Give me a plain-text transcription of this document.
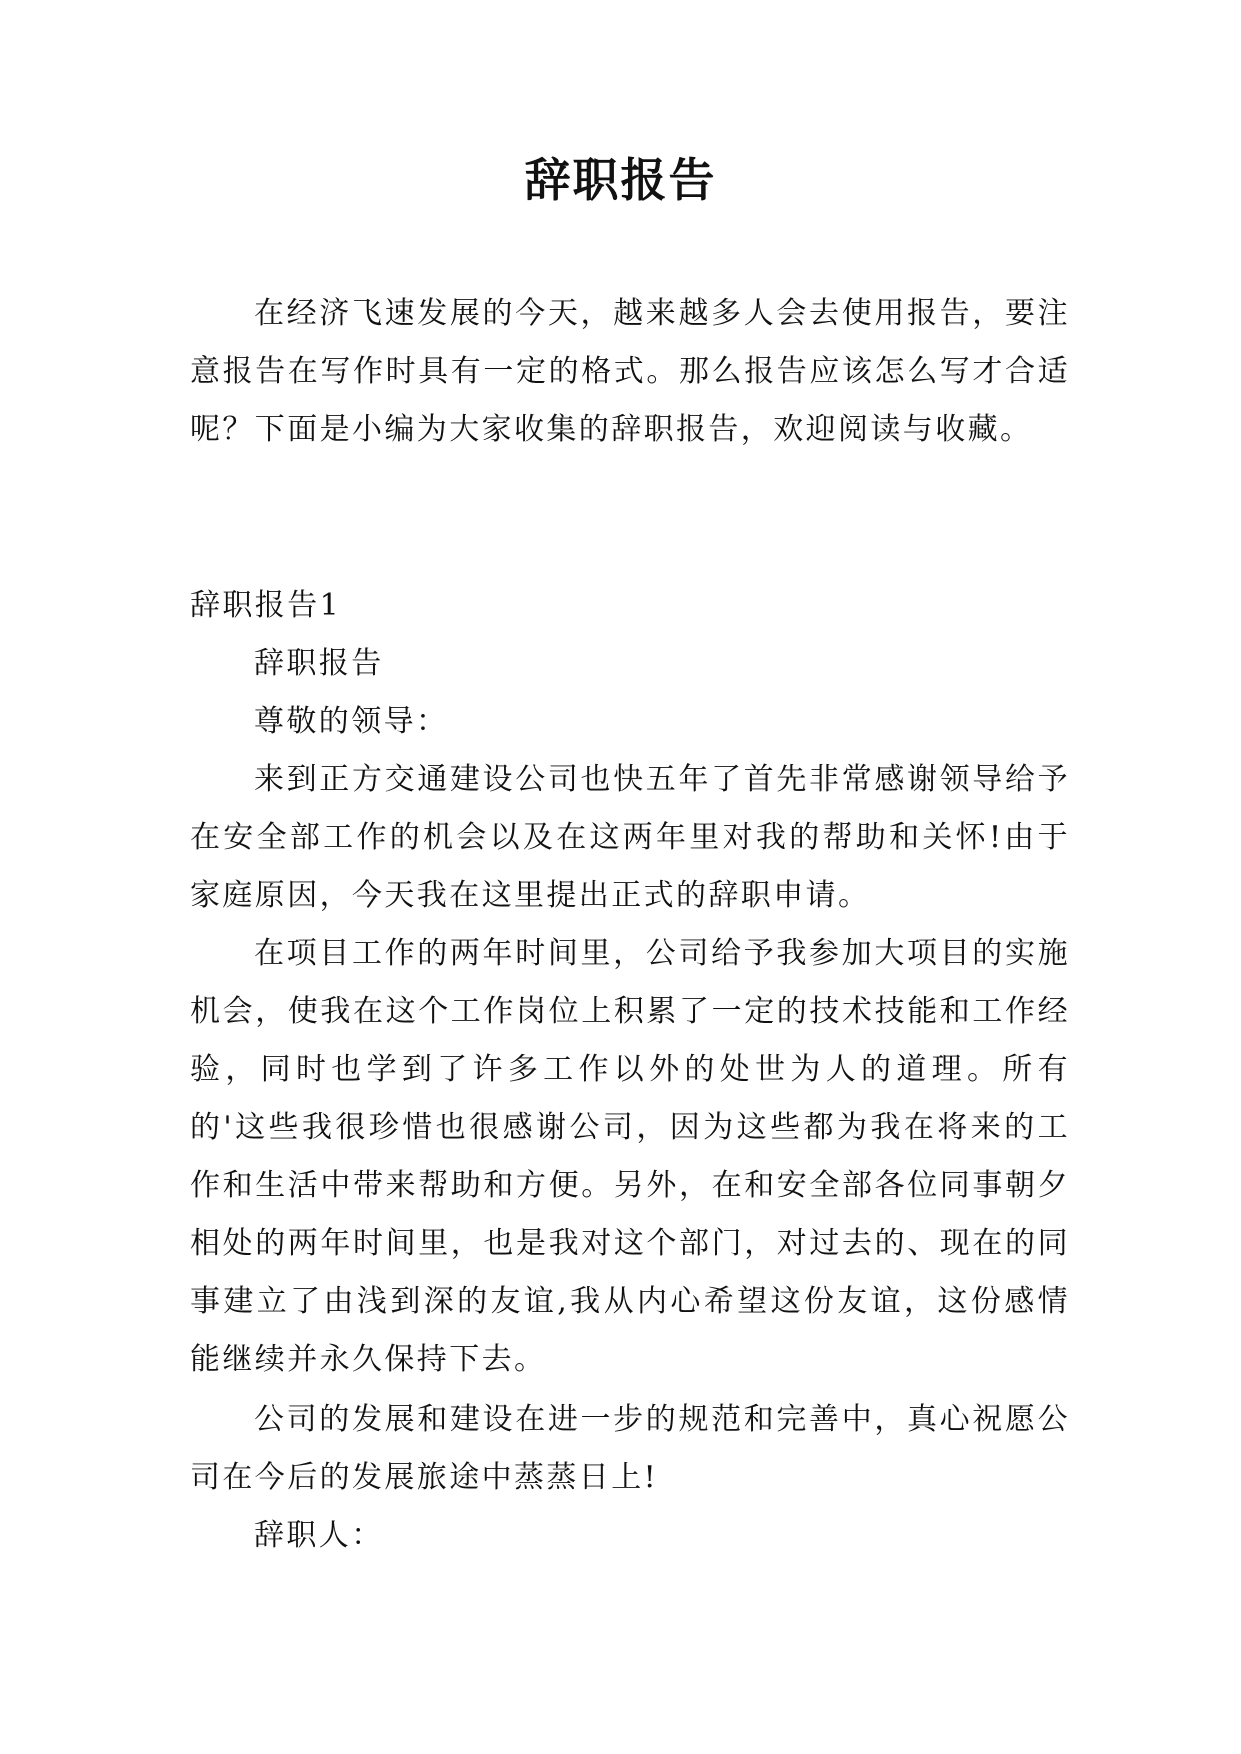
辞职报告

在经济飞速发展的今天，越来越多人会去使用报告，要注意报告在写作时具有一定的格式。那么报告应该怎么写才合适呢？下面是小编为大家收集的辞职报告，欢迎阅读与收藏。

辞职报告1

辞职报告

尊敬的领导：

来到正方交通建设公司也快五年了首先非常感谢领导给予在安全部工作的机会以及在这两年里对我的帮助和关怀!由于家庭原因，今天我在这里提出正式的辞职申请。

在项目工作的两年时间里，公司给予我参加大项目的实施机会，使我在这个工作岗位上积累了一定的技术技能和工作经验，同时也学到了许多工作以外的处世为人的道理。所有的'这些我很珍惜也很感谢公司，因为这些都为我在将来的工作和生活中带来帮助和方便。另外，在和安全部各位同事朝夕相处的两年时间里，也是我对这个部门，对过去的、现在的同事建立了由浅到深的友谊,我从内心希望这份友谊，这份感情能继续并永久保持下去。

公司的发展和建设在进一步的规范和完善中，真心祝愿公司在今后的发展旅途中蒸蒸日上!

辞职人：
